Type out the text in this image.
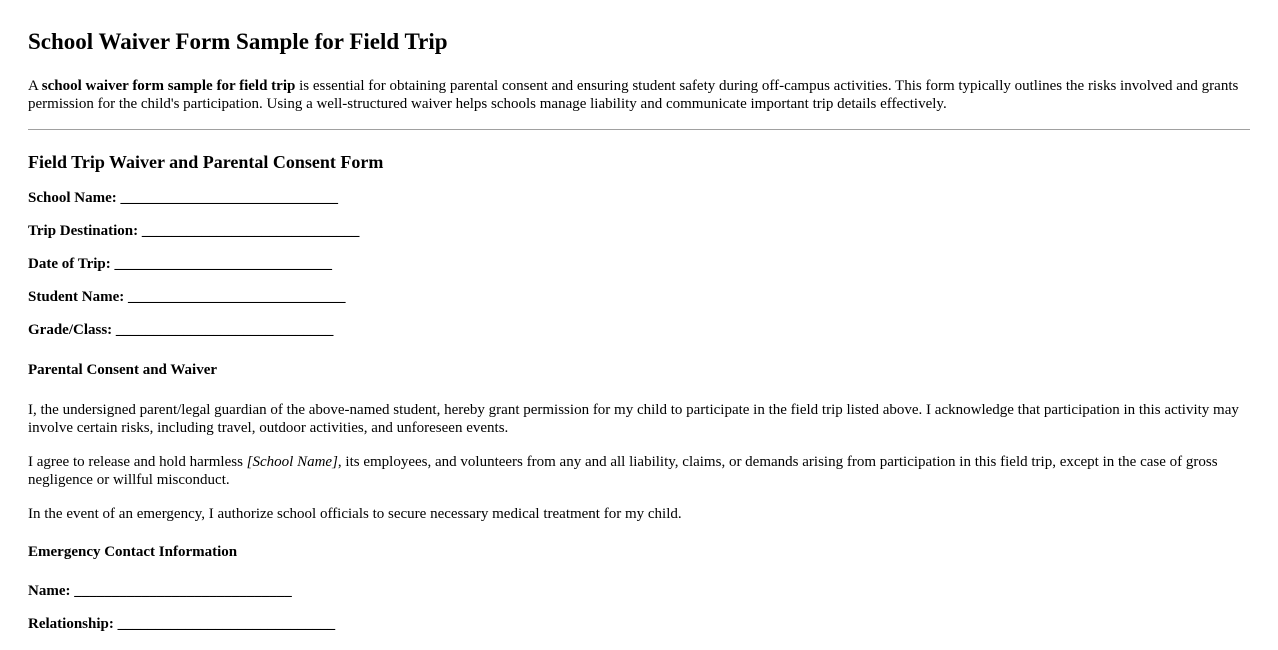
School Waiver Form Sample for Field Trip

A school waiver form sample for field trip is essential for obtaining parental consent and ensuring student safety during off-campus activities. This form typically outlines the risks involved and grants permission for the child's participation. Using a well-structured waiver helps schools manage liability and communicate important trip details effectively.

Field Trip Waiver and Parental Consent Form

School Name: _____________________________

Trip Destination: _____________________________

Date of Trip: _____________________________

Student Name: _____________________________

Grade/Class: _____________________________

Parental Consent and Waiver

I, the undersigned parent/legal guardian of the above-named student, hereby grant permission for my child to participate in the field trip listed above. I acknowledge that participation in this activity may involve certain risks, including travel, outdoor activities, and unforeseen events.

I agree to release and hold harmless [School Name], its employees, and volunteers from any and all liability, claims, or demands arising from participation in this field trip, except in the case of gross negligence or willful misconduct.

In the event of an emergency, I authorize school officials to secure necessary medical treatment for my child.

Emergency Contact Information

Name: _____________________________

Relationship: _____________________________
